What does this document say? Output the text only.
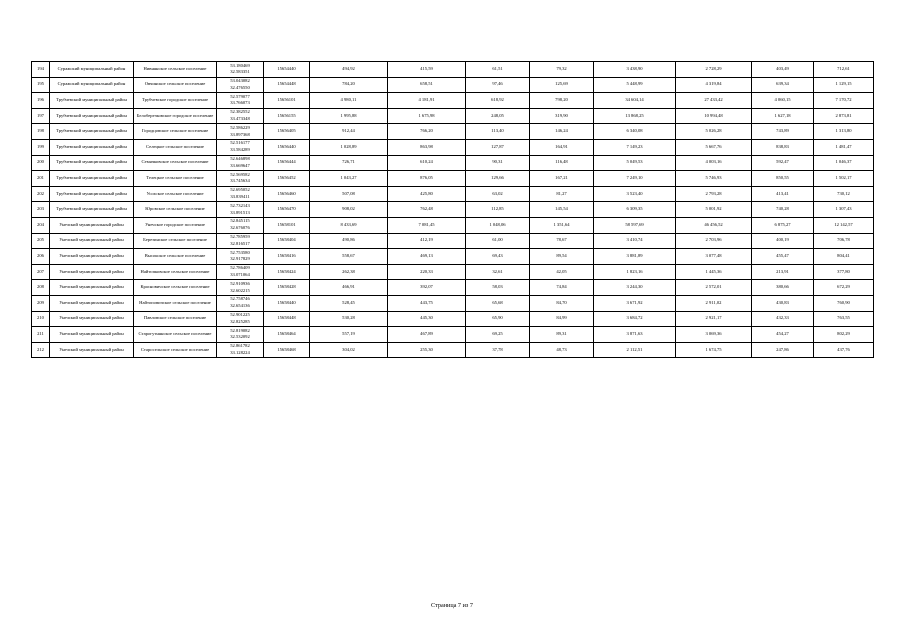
194	Суражский муниципальный район	Нивнянское сельское поселение	53.180469
32.583351	15654440	494,92	415,59	61,51	79,32	3 438,90	2 728,29	403,49	712,61
195	Суражский муниципальный район	Овчинское сельское поселение	53.043082
32.476550	15654448	784,20	658,51	97,46	125,69	5 448,99	4 319,84	639,34	1 129,15
196	Трубчевский муниципальный район	Трубчевское городское поселение	52.579077
33.766073	15656101	4 980,11	4 181,91	618,92	798,20	34 604,14	27 433,42	4 060,15	7 170,72
197	Трубчевский муниципальный район	Белоберезковское городское поселение	52.382552
33.473348	15656155	1 995,88	1 675,98	248,05	319,90	13 868,25	10 994,48	1 627,18	2 873,81
198	Трубчевский муниципальный район	Городцовское сельское поселение	52.586229
33.897368	15656405	912,44	766,20	113,40	146,24	6 340,08	5 026,28	743,89	1 313,80
199	Трубчевский муниципальный район	Селецкое сельское поселение	52.516177
33.584289	15656440	1 028,89	863,98	127,87	164,91	7 149,23	5 667,76	838,83	1 481,47
200	Трубчевский муниципальный район	Семячковское сельское поселение	52.646898
33.669647	15656444	726,71	610,24	90,31	116,48	5 049,53	4 003,16	592,47	1 046,37
201	Трубчевский муниципальный район	Телецкое сельское поселение	52.569582
33.745634	15656452	1 043,27	876,05	129,66	167,21	7 249,10	5 746,93	850,55	1 502,17
202	Трубчевский муниципальный район	Усохское сельское поселение	52.695052
33.839411	15656460	507,08	425,80	63,02	81,27	3 523,40	2 793,28	413,41	730,12
203	Трубчевский муниципальный район	Юровское сельское поселение	52.732143
33.891513	15656470	908,02	762,48	112,85	145,54	6 309,35	5 001,92	740,28	1 307,43
204	Унечский муниципальный район	Унечское городское поселение	52.845115
32.676076	15658101	8 433,69	7 081,45	1 048,06	1 351,64	58 597,69	46 456,52	6 875,27	12 142,57
205	Унечский муниципальный район	Березинское сельское поселение	52.785959
32.816517	15658404	490,86	412,19	61,00	78,67	3 410,74	2 703,96	400,19	706,78
206	Унечский муниципальный район	Высокское сельское поселение	52.753580
32.917829	15658416	558,67	469,13	69,43	89,54	3 881,89	3 077,48	455,47	804,41
207	Унечский муниципальный район	Найтопковское сельское поселение	52.786409
33.071064	15658424	262,38	220,33	32,61	42,05	1 823,16	1 445,36	213,91	377,80
208	Унечский муниципальный район	Красновичское сельское поселение	52.910936
32.602215	15658428	466,91	392,07	58,03	74,84	3 244,30	2 572,01	380,66	672,29
209	Унечский муниципальный район	Найтоповичское сельское поселение	52.758746
32.654136	15658440	528,45	443,75	65,68	84,70	3 671,92	2 911,02	430,83	760,90
210	Унечский муниципальный район	Павловское сельское поселение	52.901225
32.825285	15658448	530,28	445,30	65,90	84,99	3 684,72	2 921,17	432,33	763,55
211	Унечский муниципальный район	Старогутнянское сельское поселение	52.819082
32.532092	15658464	557,19	467,89	69,25	89,31	3 871,63	3 069,36	454,27	802,29
212	Унечский муниципальный район	Старосельское сельское поселение	52.861782
33.128224	15658468	304,02	255,30	37,78	48,73	2 112,51	1 674,75	247,86	437,76
Страница 7 из 7
